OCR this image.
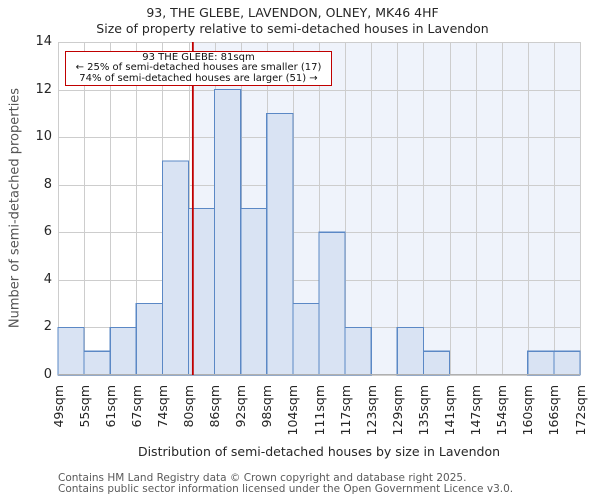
93, THE GLEBE, LAVENDON, OLNEY, MK46 4HF
Size of property relative to semi-detached houses in Lavendon
Number of semi-detached properties
0
2
4
6
8
10
12
14
49sqm 55sqm 61sqm 67sqm 74sqm 80sqm 86sqm 92sqm 98sqm 104sqm 111sqm 117sqm 123sqm 129sqm 135sqm 141sqm 147sqm 154sqm 160sqm 166sqm 172sqm
93 THE GLEBE: 81sqm
← 25% of semi-detached houses are smaller (17)
74% of semi-detached houses are larger (51) →
Distribution of semi-detached houses by size in Lavendon
Contains HM Land Registry data © Crown copyright and database right 2025.
Contains public sector information licensed under the Open Government Licence v3.0.
